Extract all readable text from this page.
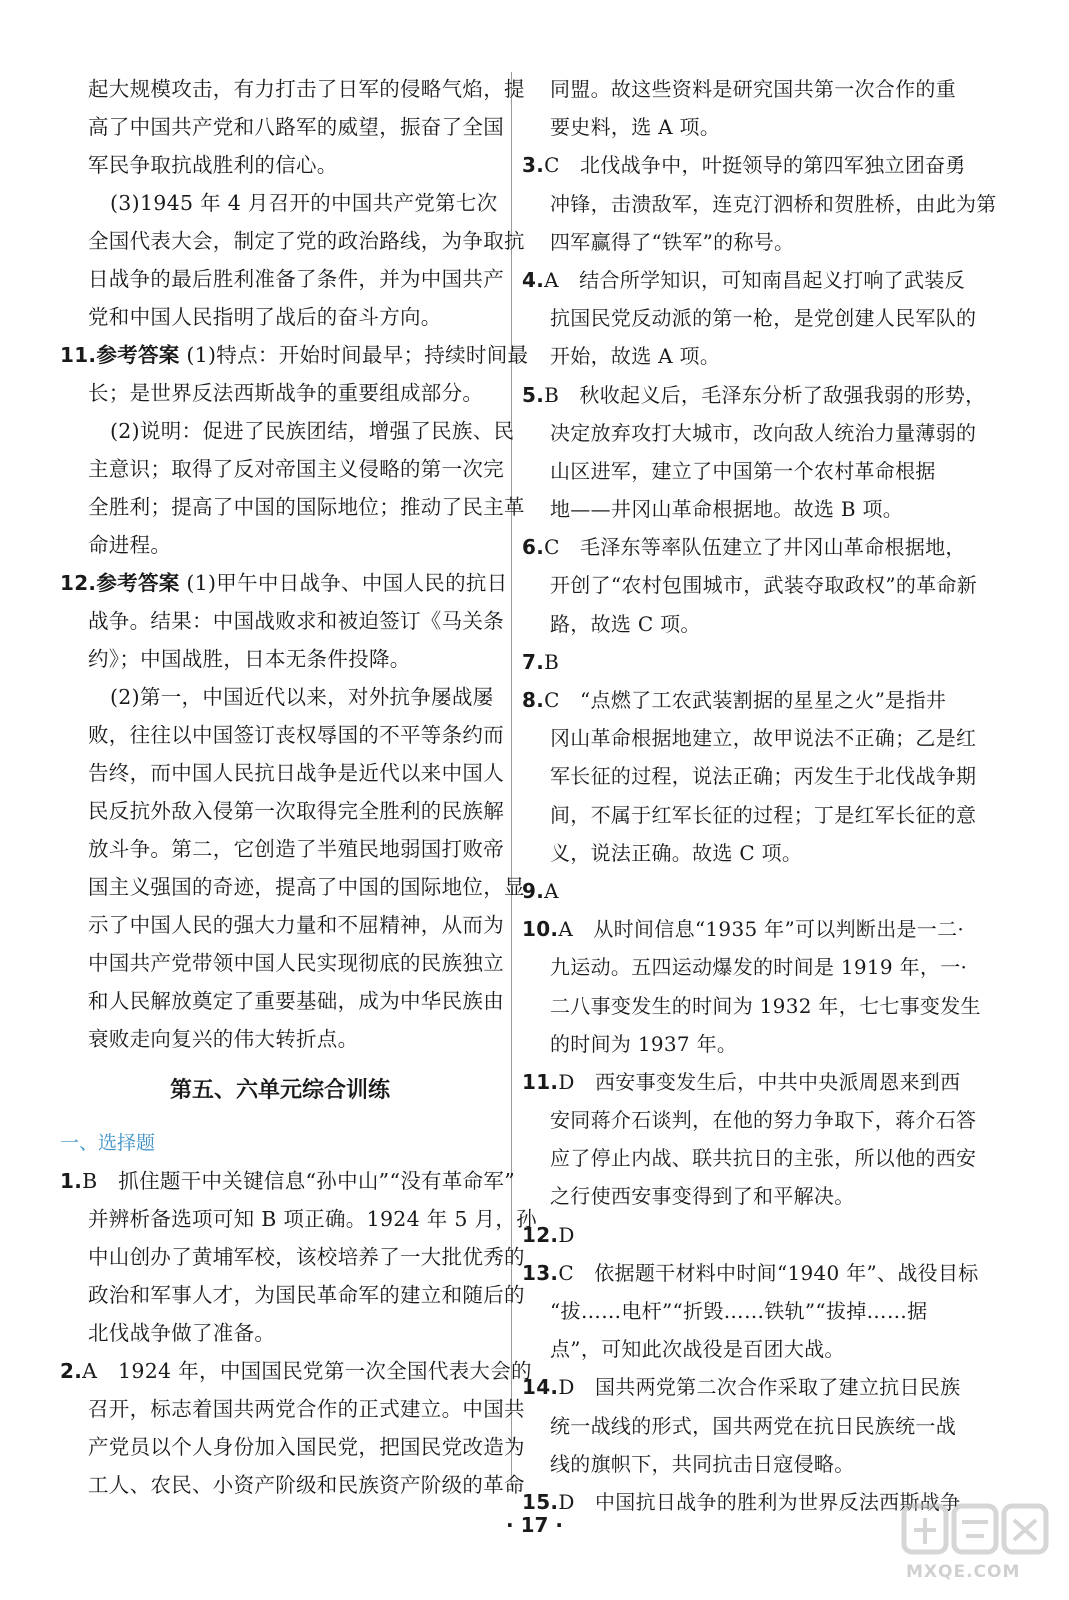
起大规模攻击，有力打击了日军的侵略气焰，提
高了中国共产党和八路军的威望，振奋了全国
军民争取抗战胜利的信心。
(3)1945 年 4 月召开的中国共产党第七次
全国代表大会，制定了党的政治路线，为争取抗
日战争的最后胜利准备了条件，并为中国共产
党和中国人民指明了战后的奋斗方向。
11.参考答案 (1)特点：开始时间最早；持续时间最
长；是世界反法西斯战争的重要组成部分。
(2)说明：促进了民族团结，增强了民族、民
主意识；取得了反对帝国主义侵略的第一次完
全胜利；提高了中国的国际地位；推动了民主革
命进程。
12.参考答案 (1)甲午中日战争、中国人民的抗日
战争。结果：中国战败求和被迫签订《马关条
约》；中国战胜，日本无条件投降。
(2)第一，中国近代以来，对外抗争屡战屡
败，往往以中国签订丧权辱国的不平等条约而
告终，而中国人民抗日战争是近代以来中国人
民反抗外敌入侵第一次取得完全胜利的民族解
放斗争。第二，它创造了半殖民地弱国打败帝
国主义强国的奇迹，提高了中国的国际地位，显
示了中国人民的强大力量和不屈精神，从而为
中国共产党带领中国人民实现彻底的民族独立
和人民解放奠定了重要基础，成为中华民族由
衰败走向复兴的伟大转折点。
第五、六单元综合训练
一、选择题
1.B　抓住题干中关键信息“孙中山”“没有革命军”
并辨析备选项可知 B 项正确。1924 年 5 月，孙
中山创办了黄埔军校，该校培养了一大批优秀的
政治和军事人才，为国民革命军的建立和随后的
北伐战争做了准备。
2.A　1924 年，中国国民党第一次全国代表大会的
召开，标志着国共两党合作的正式建立。中国共
产党员以个人身份加入国民党，把国民党改造为
工人、农民、小资产阶级和民族资产阶级的革命
同盟。故这些资料是研究国共第一次合作的重
要史料，选 A 项。
3.C　北伐战争中，叶挺领导的第四军独立团奋勇
冲锋，击溃敌军，连克汀泗桥和贺胜桥，由此为第
四军赢得了“铁军”的称号。
4.A　结合所学知识，可知南昌起义打响了武装反
抗国民党反动派的第一枪，是党创建人民军队的
开始，故选 A 项。
5.B　秋收起义后，毛泽东分析了敌强我弱的形势，
决定放弃攻打大城市，改向敌人统治力量薄弱的
山区进军，建立了中国第一个农村革命根据
地——井冈山革命根据地。故选 B 项。
6.C　毛泽东等率队伍建立了井冈山革命根据地，
开创了“农村包围城市，武装夺取政权”的革命新
路，故选 C 项。
7.B
8.C　“点燃了工农武装割据的星星之火”是指井
冈山革命根据地建立，故甲说法不正确；乙是红
军长征的过程，说法正确；丙发生于北伐战争期
间，不属于红军长征的过程；丁是红军长征的意
义，说法正确。故选 C 项。
9.A
10.A　从时间信息“1935 年”可以判断出是一二·
九运动。五四运动爆发的时间是 1919 年，一·
二八事变发生的时间为 1932 年，七七事变发生
的时间为 1937 年。
11.D　西安事变发生后，中共中央派周恩来到西
安同蒋介石谈判，在他的努力争取下，蒋介石答
应了停止内战、联共抗日的主张，所以他的西安
之行使西安事变得到了和平解决。
12.D
13.C　依据题干材料中时间“1940 年”、战役目标
“拔……电杆”“折毁……铁轨”“拔掉……据
点”，可知此次战役是百团大战。
14.D　国共两党第二次合作采取了建立抗日民族
统一战线的形式，国共两党在抗日民族统一战
线的旗帜下，共同抗击日寇侵略。
15.D　中国抗日战争的胜利为世界反法西斯战争
· 17 ·
MXQE.COM
